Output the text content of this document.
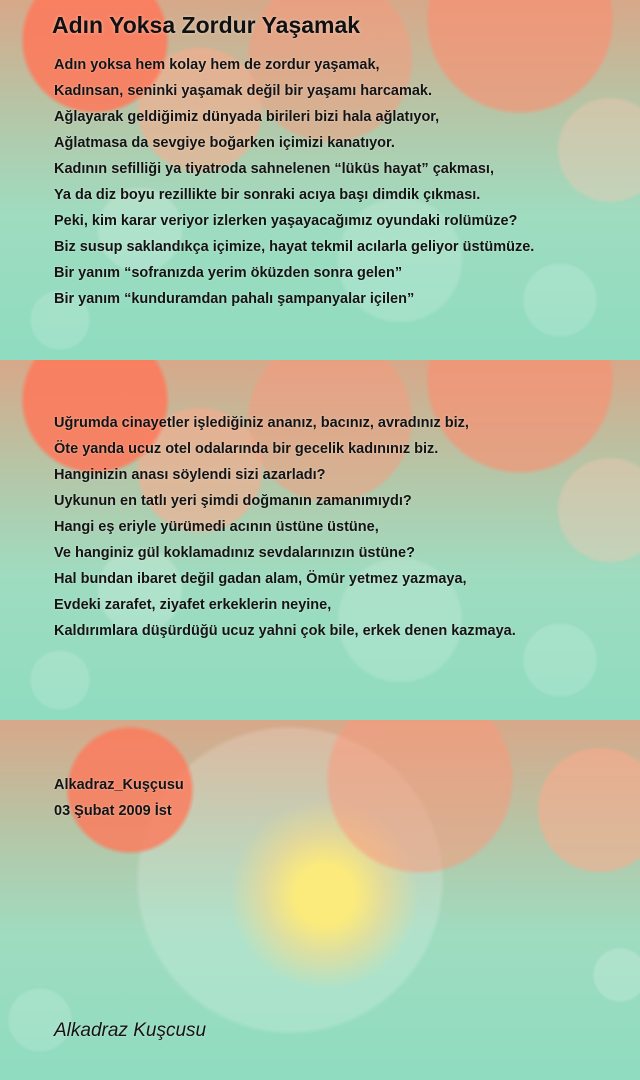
Adın Yoksa Zordur Yaşamak
Adın yoksa hem kolay hem de zordur yaşamak,
Kadınsan, seninki yaşamak değil bir yaşamı harcamak.
Ağlayarak geldiğimiz dünyada birileri bizi hala ağlatıyor,
Ağlatmasa da sevgiye boğarken içimizi kanatıyor.
Kadının sefilliği ya tiyatroda sahnelenen “lüküs hayat” çakması,
Ya da diz boyu rezillikte bir sonraki acıya başı dimdik çıkması.
Peki, kim karar veriyor izlerken yaşayacağımız oyundaki rolümüze?
Biz susup saklandıkça içimize, hayat tekmil acılarla geliyor üstümüze.
Bir yanım “sofranızda yerim öküzden sonra gelen”
Bir yanım “kunduramdan pahalı şampanyalar içilen”
Uğrumda cinayetler işlediğiniz ananız, bacınız, avradınız biz,
Öte yanda ucuz otel odalarında bir gecelik kadınınız biz.
Hanginizin anası söylendi sizi azarladı?
Uykunun en tatlı yeri şimdi doğmanın zamanımıydı?
Hangi eş eriyle yürümedi acının üstüne üstüne,
Ve hanginiz gül koklamadınız sevdalarınızın üstüne?
Hal bundan ibaret değil gadan alam, Ömür yetmez yazmaya,
Evdeki zarafet, ziyafet erkeklerin neyine,
Kaldırımlara düşürdüğü ucuz yahni çok bile, erkek denen kazmaya.
Alkadraz_Kuşçusu
03 Şubat 2009 İst
Alkadraz Kuşcusu
